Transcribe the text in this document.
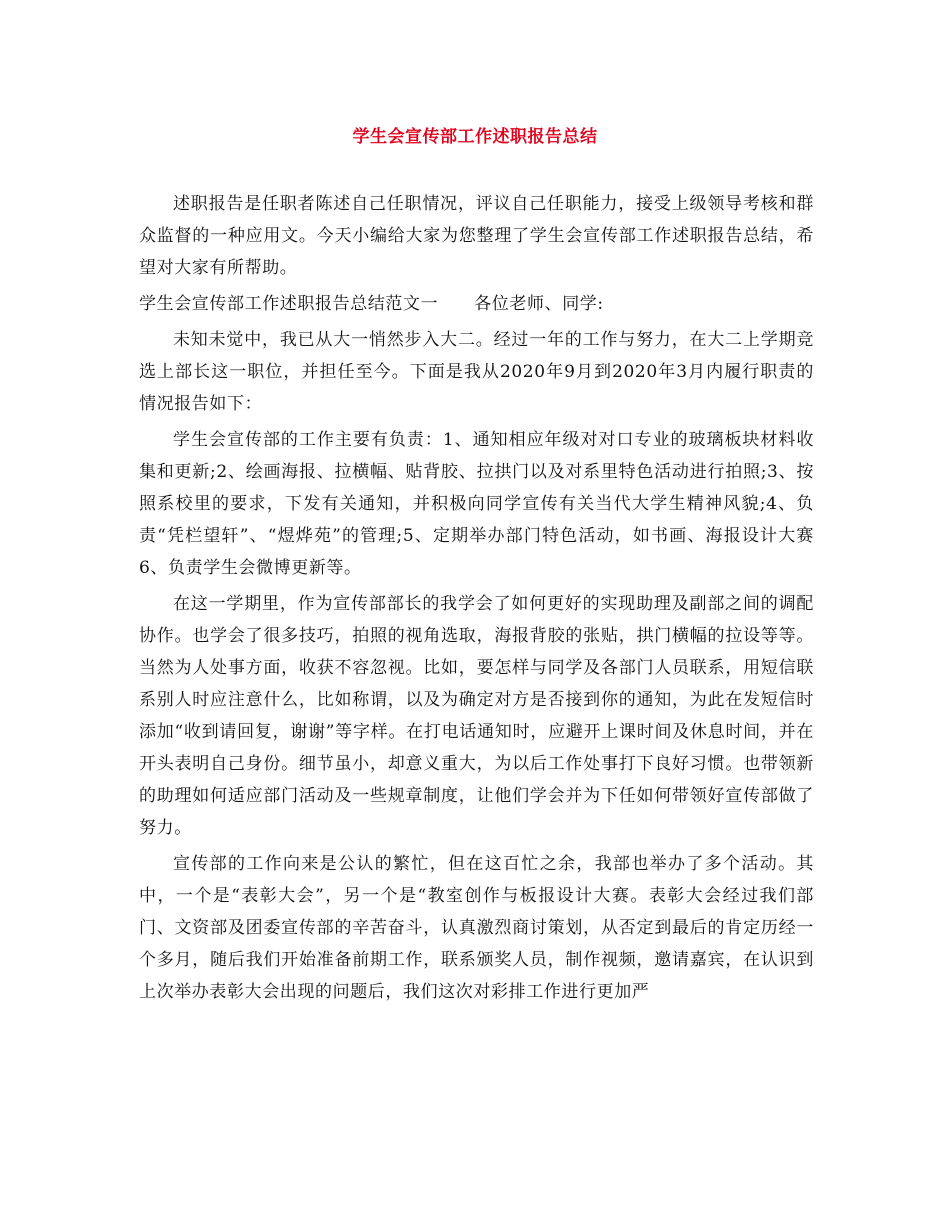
学生会宣传部工作述职报告总结

述职报告是任职者陈述自己任职情况，评议自己任职能力，接受上级领导考核和群众监督的一种应用文。今天小编给大家为您整理了学生会宣传部工作述职报告总结，希望对大家有所帮助。

学生会宣传部工作述职报告总结范文一 各位老师、同学:

未知未觉中，我已从大一悄然步入大二。经过一年的工作与努力，在大二上学期竞选上部长这一职位，并担任至今。下面是我从2020年9月到2020年3月内履行职责的情况报告如下：

学生会宣传部的工作主要有负责：1、通知相应年级对对口专业的玻璃板块材料收集和更新;2、绘画海报、拉横幅、贴背胶、拉拱门以及对系里特色活动进行拍照;3、按照系校里的要求，下发有关通知，并积极向同学宣传有关当代大学生精神风貌;4、负责“凭栏望轩”、“煜烨苑”的管理;5、定期举办部门特色活动，如书画、海报设计大赛6、负责学生会微博更新等。

在这一学期里，作为宣传部部长的我学会了如何更好的实现助理及副部之间的调配协作。也学会了很多技巧，拍照的视角选取，海报背胶的张贴，拱门横幅的拉设等等。当然为人处事方面，收获不容忽视。比如，要怎样与同学及各部门人员联系，用短信联系别人时应注意什么，比如称谓，以及为确定对方是否接到你的通知，为此在发短信时添加“收到请回复，谢谢”等字样。在打电话通知时，应避开上课时间及休息时间，并在开头表明自己身份。细节虽小，却意义重大，为以后工作处事打下良好习惯。也带领新的助理如何适应部门活动及一些规章制度，让他们学会并为下任如何带领好宣传部做了努力。

宣传部的工作向来是公认的繁忙，但在这百忙之余，我部也举办了多个活动。其中，一个是“表彰大会”，另一个是“教室创作与板报设计大赛。表彰大会经过我们部门、文资部及团委宣传部的辛苦奋斗，认真激烈商讨策划，从否定到最后的肯定历经一个多月，随后我们开始准备前期工作，联系颁奖人员，制作视频，邀请嘉宾，在认识到上次举办表彰大会出现的问题后，我们这次对彩排工作进行更加严
